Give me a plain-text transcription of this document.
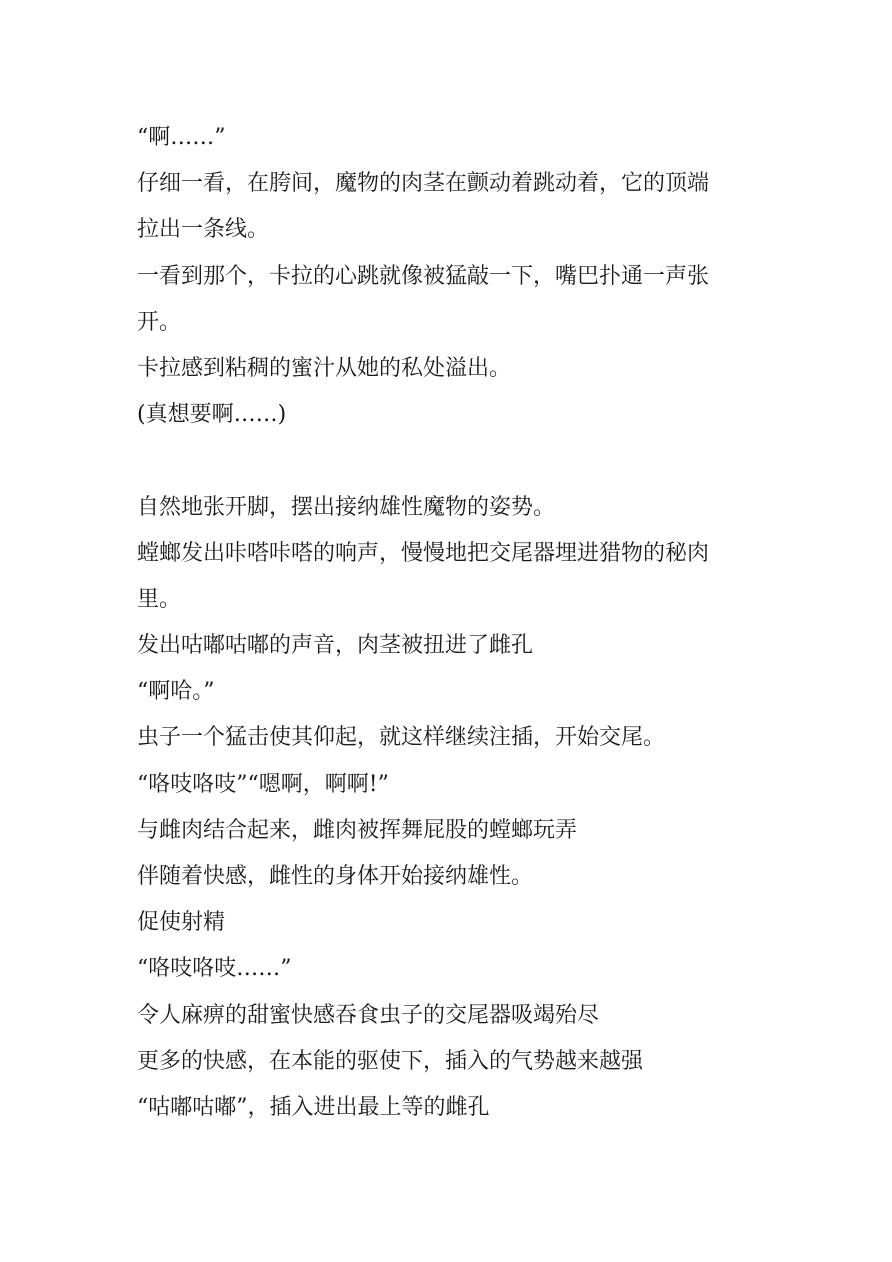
“啊……”
仔细一看，在胯间，魔物的肉茎在颤动着跳动着，它的顶端
拉出一条线。
一看到那个，卡拉的心跳就像被猛敲一下，嘴巴扑通一声张
开。
卡拉感到粘稠的蜜汁从她的私处溢出。
(真想要啊……)
自然地张开脚，摆出接纳雄性魔物的姿势。
螳螂发出咔嗒咔嗒的响声，慢慢地把交尾器埋进猎物的秘肉
里。
发出咕嘟咕嘟的声音，肉茎被扭进了雌孔
“啊哈。”
虫子一个猛击使其仰起，就这样继续注插，开始交尾。
“咯吱咯吱”“嗯啊，啊啊!”
与雌肉结合起来，雌肉被挥舞屁股的螳螂玩弄
伴随着快感，雌性的身体开始接纳雄性。
促使射精
“咯吱咯吱……”
令人麻痹的甜蜜快感吞食虫子的交尾器吸竭殆尽
更多的快感，在本能的驱使下，插入的气势越来越强
“咕嘟咕嘟”，插入进出最上等的雌孔
